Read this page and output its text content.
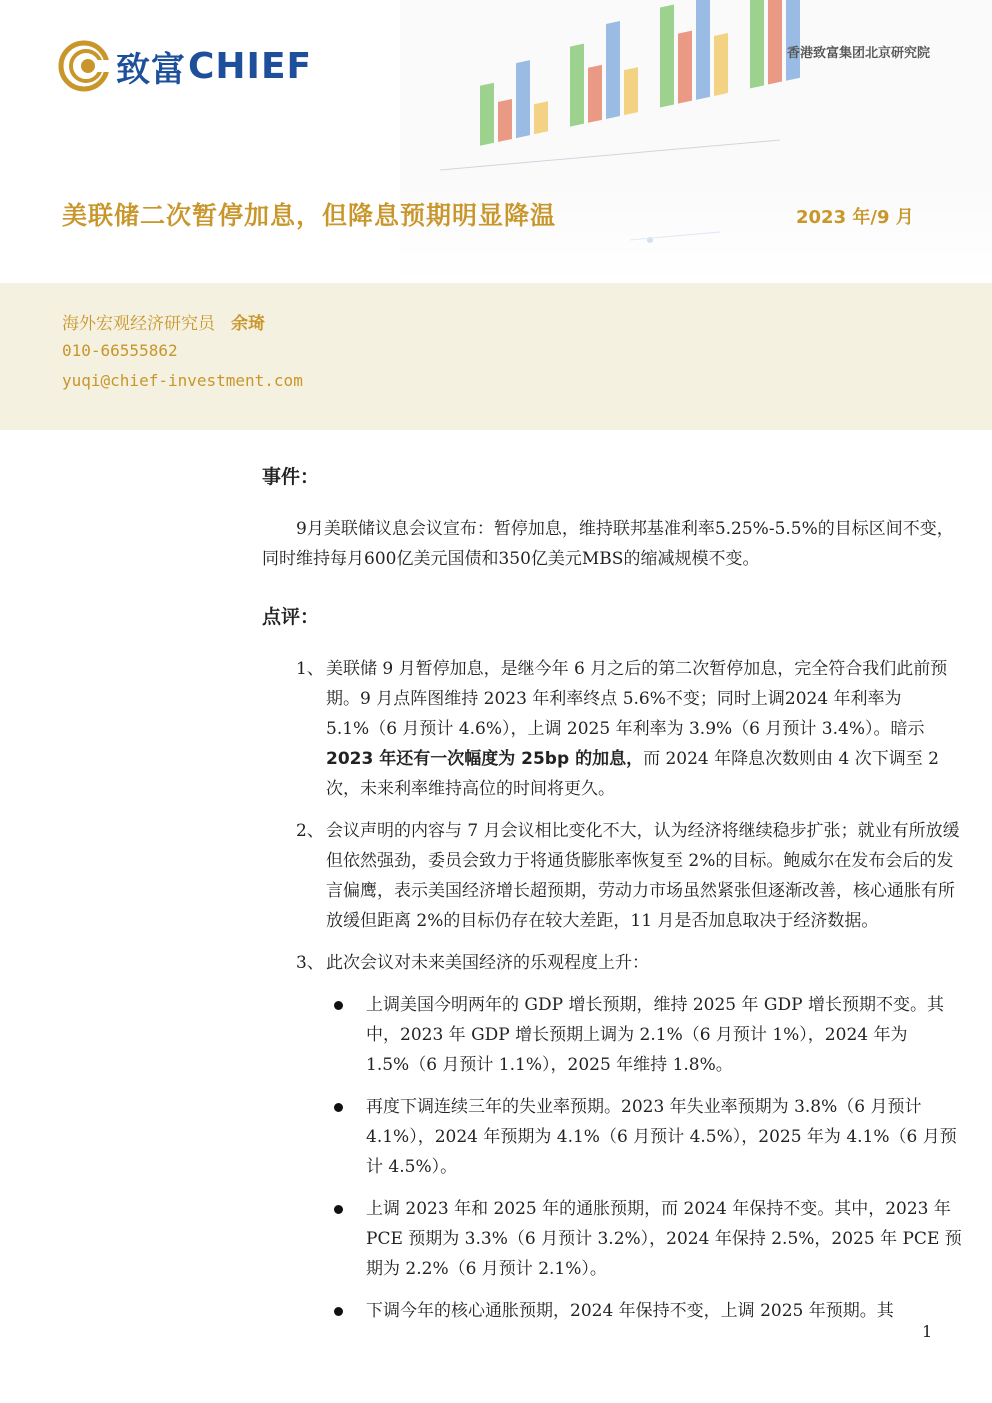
致富 CHIEF	香港致富集团北京研究院
美联储二次暂停加息，但降息预期明显降温	2023 年/9 月
海外宏观经济研究员 余琦
010-66555862
yuqi@chief-investment.com

事件：

9月美联储议息会议宣布：暂停加息，维持联邦基准利率5.25%-5.5%的目标区间不变，同时维持每月600亿美元国债和350亿美元MBS的缩减规模不变。

点评：

1、 美联储 9 月暂停加息，是继今年 6 月之后的第二次暂停加息，完全符合我们此前预期。9 月点阵图维持 2023 年利率终点 5.6%不变；同时上调2024 年利率为 5.1%（6 月预计 4.6%），上调 2025 年利率为 3.9%（6 月预计 3.4%）。暗示2023 年还有一次幅度为 25bp 的加息，而 2024 年降息次数则由 4 次下调至 2 次，未来利率维持高位的时间将更久。
2、 会议声明的内容与 7 月会议相比变化不大，认为经济将继续稳步扩张；就业有所放缓但依然强劲，委员会致力于将通货膨胀率恢复至 2%的目标。鲍威尔在发布会后的发言偏鹰，表示美国经济增长超预期，劳动力市场虽然紧张但逐渐改善，核心通胀有所放缓但距离 2%的目标仍存在较大差距，11 月是否加息取决于经济数据。
3、 此次会议对未来美国经济的乐观程度上升：
上调美国今明两年的 GDP 增长预期，维持 2025 年 GDP 增长预期不变。其中，2023 年 GDP 增长预期上调为 2.1%（6 月预计 1%），2024 年为1.5%（6 月预计 1.1%），2025 年维持 1.8%。
再度下调连续三年的失业率预期。2023 年失业率预期为 3.8%（6 月预计 4.1%），2024 年预期为 4.1%（6 月预计 4.5%），2025 年为 4.1%（6 月预计 4.5%）。
上调 2023 年和 2025 年的通胀预期，而 2024 年保持不变。其中，2023 年 PCE 预期为 3.3%（6 月预计 3.2%），2024 年保持 2.5%，2025 年 PCE 预期为 2.2%（6 月预计 2.1%）。
下调今年的核心通胀预期，2024 年保持不变，上调 2025 年预期。其
1
